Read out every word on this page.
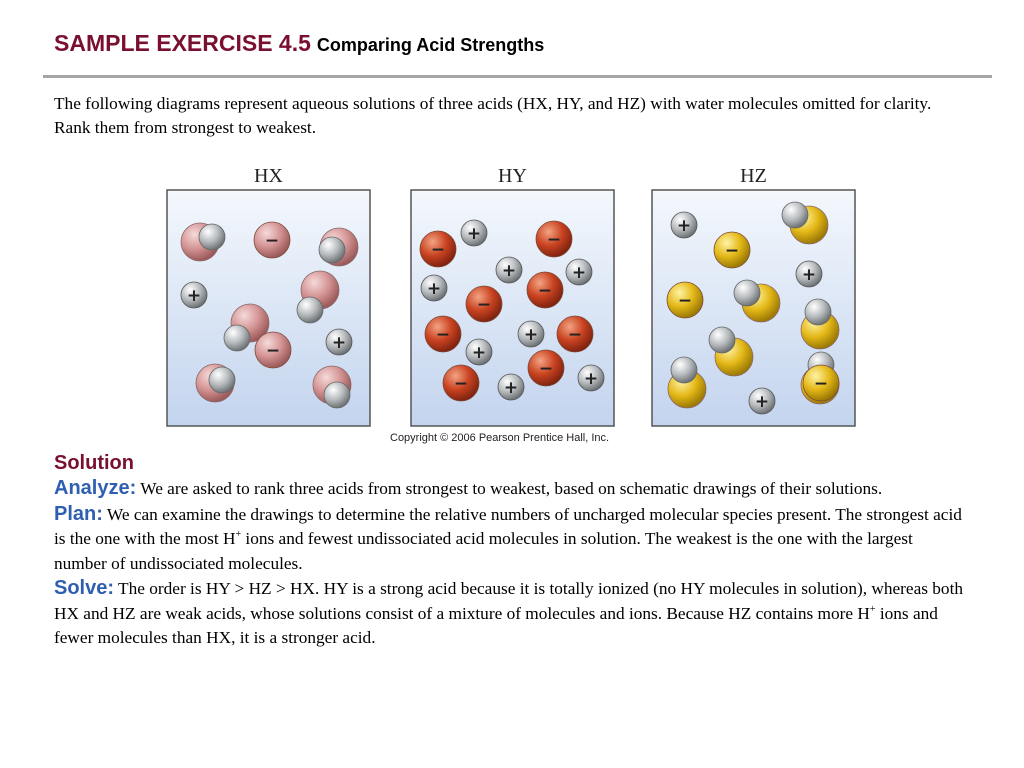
SAMPLE EXERCISE 4.5 Comparing Acid Strengths
The following diagrams represent aqueous solutions of three acids (HX, HY, and HZ) with water molecules omitted for clarity. Rank them from strongest to weakest.
HX
−
−
+
+
HY
−	−
−
−
−	−
−
−
+
+	+
+
+
+
+	+
HZ
−
−
−
+
+
+
Copyright © 2006 Pearson Prentice Hall, Inc.
Solution

Analyze: We are asked to rank three acids from strongest to weakest, based on schematic drawings of their solutions.

Plan: We can examine the drawings to determine the relative numbers of uncharged molecular species present. The strongest acid is the one with the most H+ ions and fewest undissociated acid molecules in solution. The weakest is the one with the largest number of undissociated molecules.

Solve: The order is HY > HZ > HX. HY is a strong acid because it is totally ionized (no HY molecules in solution), whereas both HX and HZ are weak acids, whose solutions consist of a mixture of molecules and ions. Because HZ contains more H+ ions and fewer molecules than HX, it is a stronger acid.
